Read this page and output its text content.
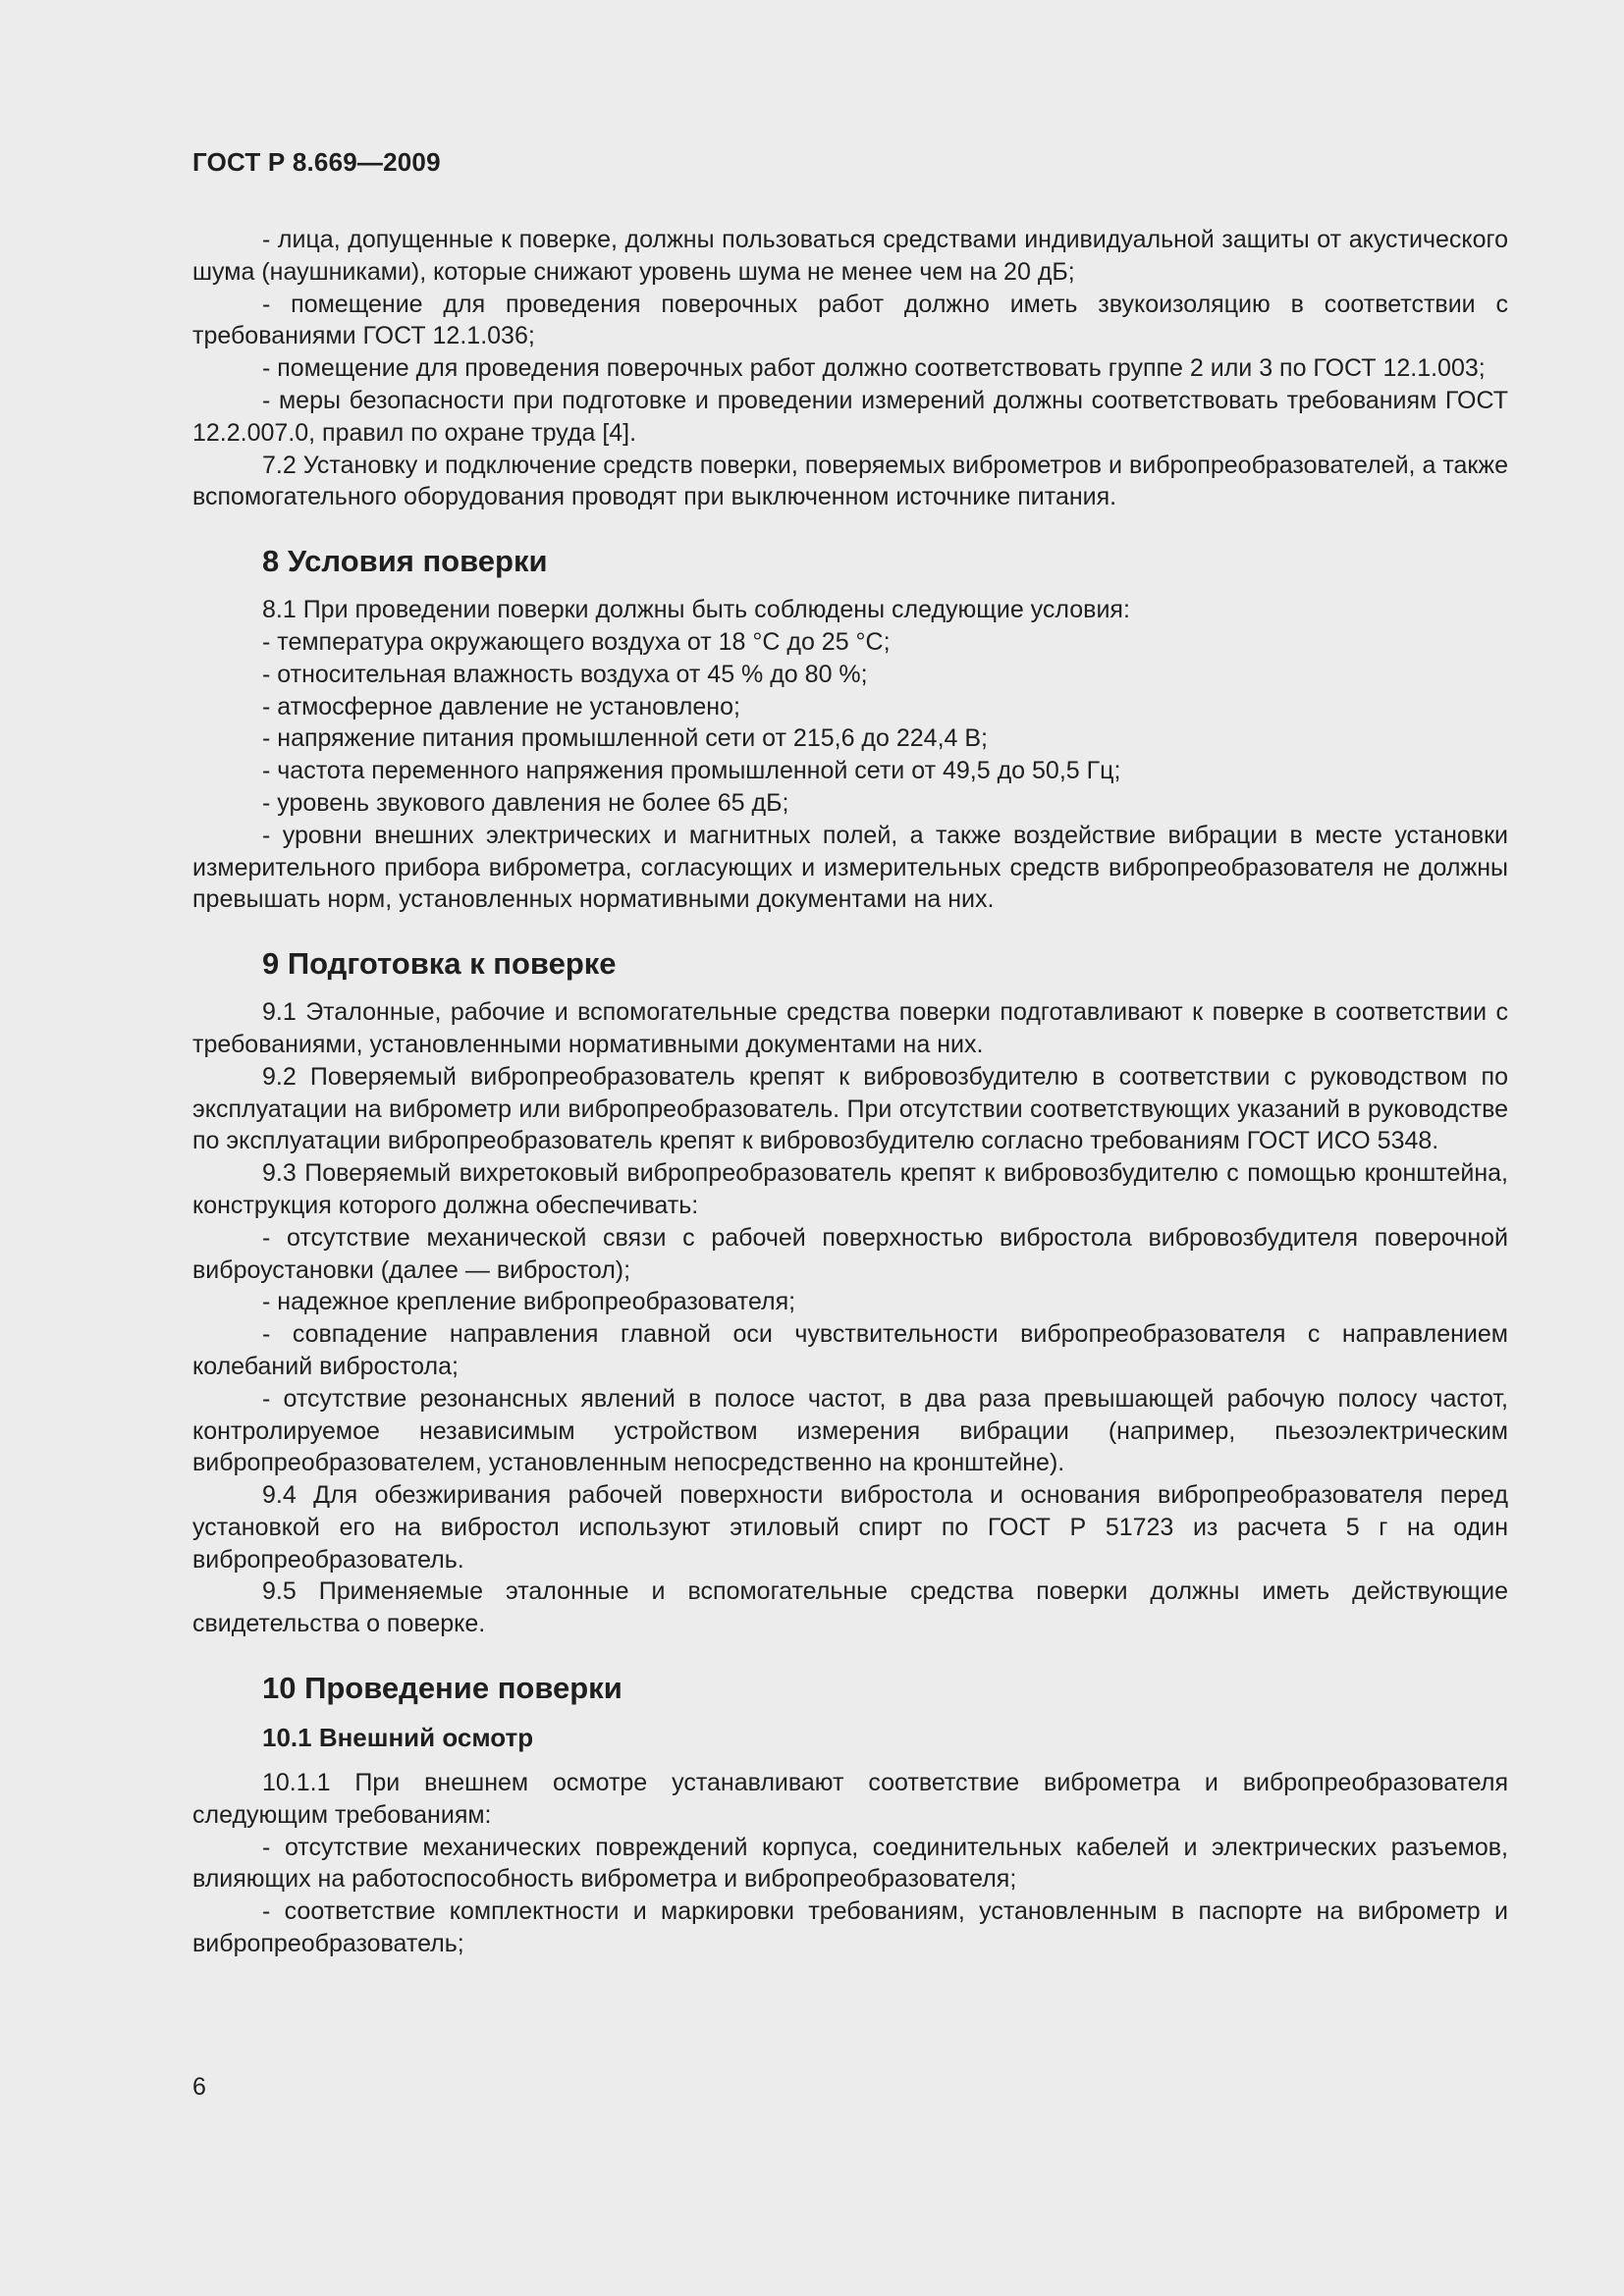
ГОСТ Р 8.669—2009

- лица, допущенные к поверке, должны пользоваться средствами индивидуальной защиты от акустического шума (наушниками), которые снижают уровень шума не менее чем на 20 дБ;

- помещение для проведения поверочных работ должно иметь звукоизоляцию в соответствии с требованиями ГОСТ 12.1.036;

- помещение для проведения поверочных работ должно соответствовать группе 2 или 3 по ГОСТ 12.1.003;

- меры безопасности при подготовке и проведении измерений должны соответствовать требованиям ГОСТ 12.2.007.0, правил по охране труда [4].

7.2 Установку и подключение средств поверки, поверяемых виброметров и вибропреобразователей, а также вспомогательного оборудования проводят при выключенном источнике питания.

8 Условия поверки

8.1 При проведении поверки должны быть соблюдены следующие условия:

- температура окружающего воздуха от 18 °С до 25 °С;

- относительная влажность воздуха от 45 % до 80 %;

- атмосферное давление не установлено;

- напряжение питания промышленной сети от 215,6 до 224,4 В;

- частота переменного напряжения промышленной сети от 49,5 до 50,5 Гц;

- уровень звукового давления не более 65 дБ;

- уровни внешних электрических и магнитных полей, а также воздействие вибрации в месте установки измерительного прибора виброметра, согласующих и измерительных средств вибропреобразователя не должны превышать норм, установленных нормативными документами на них.

9 Подготовка к поверке

9.1 Эталонные, рабочие и вспомогательные средства поверки подготавливают к поверке в соответствии с требованиями, установленными нормативными документами на них.

9.2 Поверяемый вибропреобразователь крепят к вибровозбудителю в соответствии с руководством по эксплуатации на виброметр или вибропреобразователь. При отсутствии соответствующих указаний в руководстве по эксплуатации вибропреобразователь крепят к вибровозбудителю согласно требованиям ГОСТ ИСО 5348.

9.3 Поверяемый вихретоковый вибропреобразователь крепят к вибровозбудителю с помощью кронштейна, конструкция которого должна обеспечивать:

- отсутствие механической связи с рабочей поверхностью вибростола вибровозбудителя поверочной виброустановки (далее — вибростол);

- надежное крепление вибропреобразователя;

- совпадение направления главной оси чувствительности вибропреобразователя с направлением колебаний вибростола;

- отсутствие резонансных явлений в полосе частот, в два раза превышающей рабочую полосу частот, контролируемое независимым устройством измерения вибрации (например, пьезоэлектрическим вибропреобразователем, установленным непосредственно на кронштейне).

9.4 Для обезжиривания рабочей поверхности вибростола и основания вибропреобразователя перед установкой его на вибростол используют этиловый спирт по ГОСТ Р 51723 из расчета 5 г на один вибропреобразователь.

9.5 Применяемые эталонные и вспомогательные средства поверки должны иметь действующие свидетельства о поверке.

10 Проведение поверки
10.1 Внешний осмотр

10.1.1 При внешнем осмотре устанавливают соответствие виброметра и вибропреобразователя следующим требованиям:

- отсутствие механических повреждений корпуса, соединительных кабелей и электрических разъемов, влияющих на работоспособность виброметра и вибропреобразователя;

- соответствие комплектности и маркировки требованиям, установленным в паспорте на виброметр и вибропреобразователь;

6
